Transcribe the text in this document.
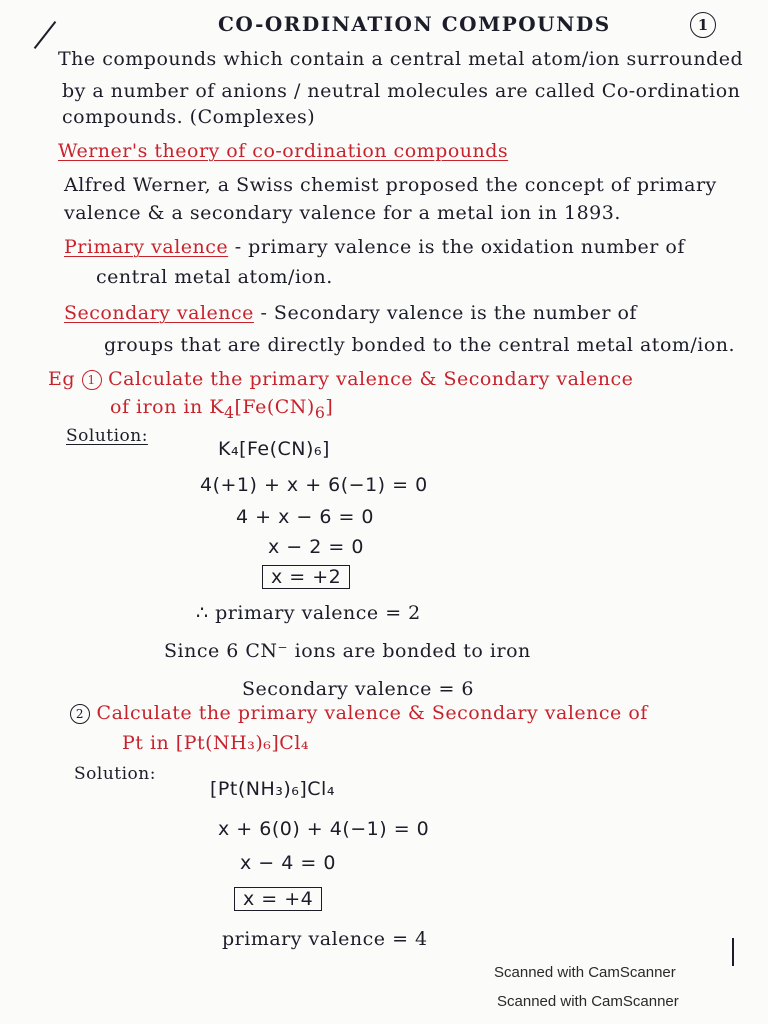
CO-ORDINATION COMPOUNDS	1
The compounds which contain a central metal atom/ion surrounded
by a number of anions / neutral molecules are called Co-ordination
compounds. (Complexes)
Werner's theory of co-ordination compounds
Alfred Werner, a Swiss chemist proposed the concept of primary
valence & a secondary valence for a metal ion in 1893.
Primary valence - primary valence is the oxidation number of
central metal atom/ion.
Secondary valence - Secondary valence is the number of
groups that are directly bonded to the central metal atom/ion.
Eg 1 Calculate the primary valence & Secondary valence
of iron in $K_4[Fe(CN)_6]$
Solution:
K₄[Fe(CN)₆]
4(+1) + x + 6(−1) = 0
4 + x − 6 = 0
x − 2 = 0
x = +2
∴ primary valence = 2
Since 6 CN⁻ ions are bonded to iron
Secondary valence = 6
2 Calculate the primary valence & Secondary valence of
Pt in [Pt(NH₃)₆]Cl₄
Solution:
[Pt(NH₃)₆]Cl₄
x + 6(0) + 4(−1) = 0
x − 4 = 0
x = +4
primary valence = 4
Scanned with CamScanner
Scanned with CamScanner
